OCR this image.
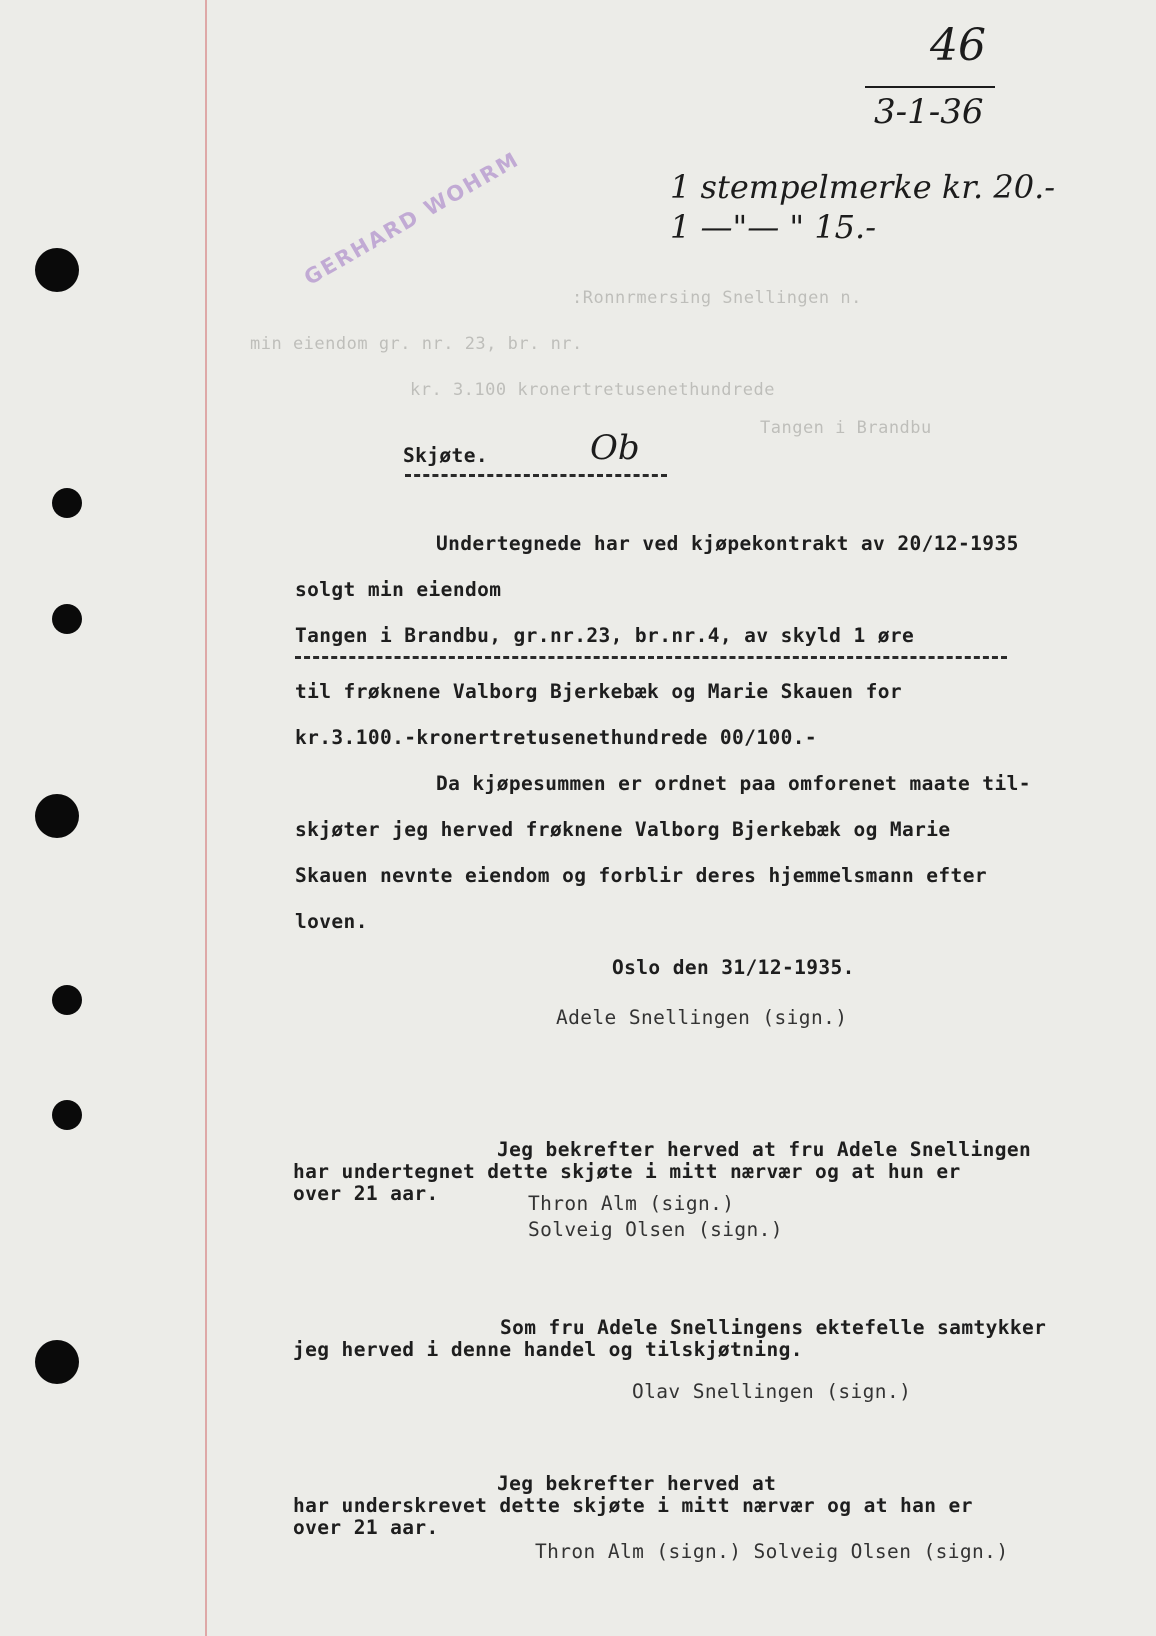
46
3-1-36
1 stempelmerke kr. 20.-
1 —"— " 15.-
GERHARD WOHRM
:Ronnrmersing Snellingen n.
min eiendom gr. nr. 23, br. nr.
kr. 3.100 kronertretusenethundrede
Tangen i Brandbu
Skjøte.	Ob
Undertegnede har ved kjøpekontrakt av 20/12-1935
solgt min eiendom
Tangen i Brandbu, gr.nr.23, br.nr.4, av skyld 1 øre
til frøknene Valborg Bjerkebæk og Marie Skauen for
kr.3.100.-kronertretusenethundrede 00/100.-
Da kjøpesummen er ordnet paa omforenet maate til-
skjøter jeg herved frøknene Valborg Bjerkebæk og Marie
Skauen nevnte eiendom og forblir deres hjemmelsmann efter
loven.
Oslo den 31/12-1935.
Adele Snellingen (sign.)
Jeg bekrefter herved at fru Adele Snellingen
har undertegnet dette skjøte i mitt nærvær og at hun er
over 21 aar.	Thron Alm (sign.)
Solveig Olsen (sign.)
Som fru Adele Snellingens ektefelle samtykker
jeg herved i denne handel og tilskjøtning.
Olav Snellingen (sign.)
Jeg bekrefter herved at
har underskrevet dette skjøte i mitt nærvær og at han er
over 21 aar.
Thron Alm (sign.) Solveig Olsen (sign.)
